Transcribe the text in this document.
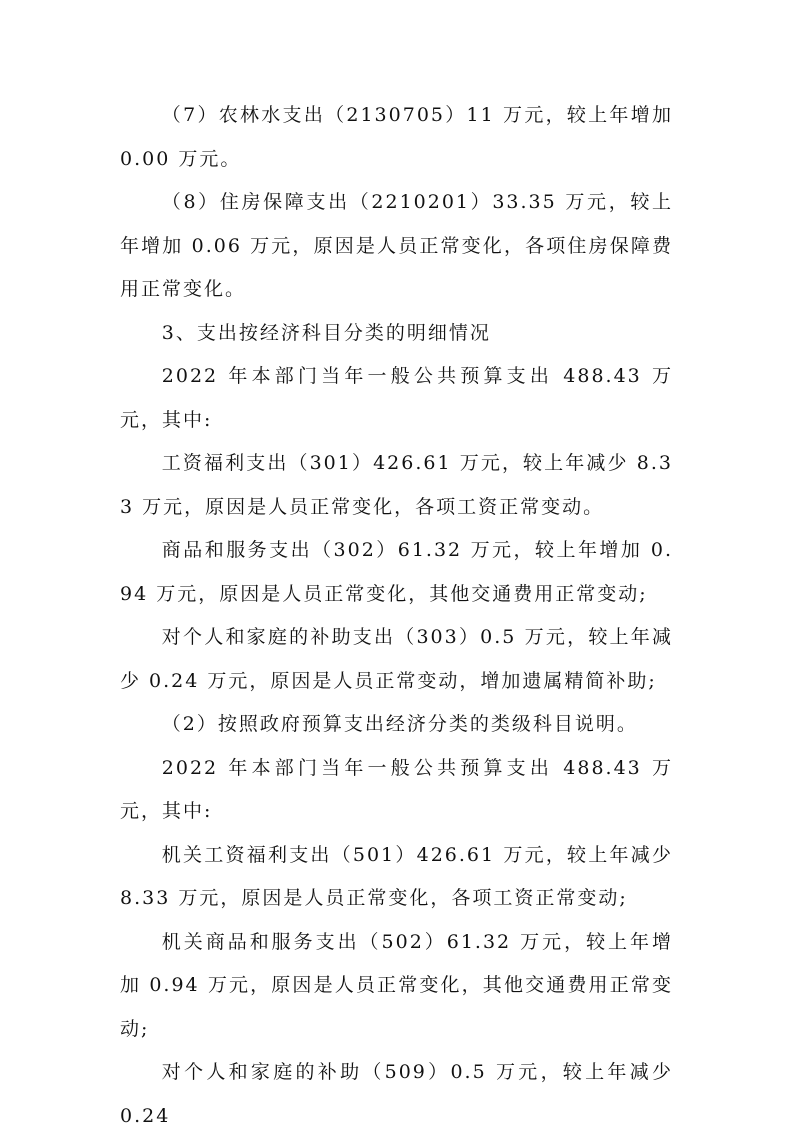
（7）农林水支出（2130705）11 万元，较上年增加 0.00 万元。

（8）住房保障支出（2210201）33.35 万元，较上年增加 0.06 万元，原因是人员正常变化，各项住房保障费用正常变化。

3、支出按经济科目分类的明细情况

2022 年本部门当年一般公共预算支出 488.43 万元，其中:

工资福利支出（301）426.61 万元，较上年减少 8.33 万元，原因是人员正常变化，各项工资正常变动。

商品和服务支出（302）61.32 万元，较上年增加 0.94 万元，原因是人员正常变化，其他交通费用正常变动;

对个人和家庭的补助支出（303）0.5 万元，较上年减少 0.24 万元，原因是人员正常变动，增加遗属精简补助;

（2）按照政府预算支出经济分类的类级科目说明。

2022 年本部门当年一般公共预算支出 488.43 万元，其中:

机关工资福利支出（501）426.61 万元，较上年减少 8.33 万元，原因是人员正常变化，各项工资正常变动;

机关商品和服务支出（502）61.32 万元，较上年增加 0.94 万元，原因是人员正常变化，其他交通费用正常变动;

对个人和家庭的补助（509）0.5 万元，较上年减少 0.24
